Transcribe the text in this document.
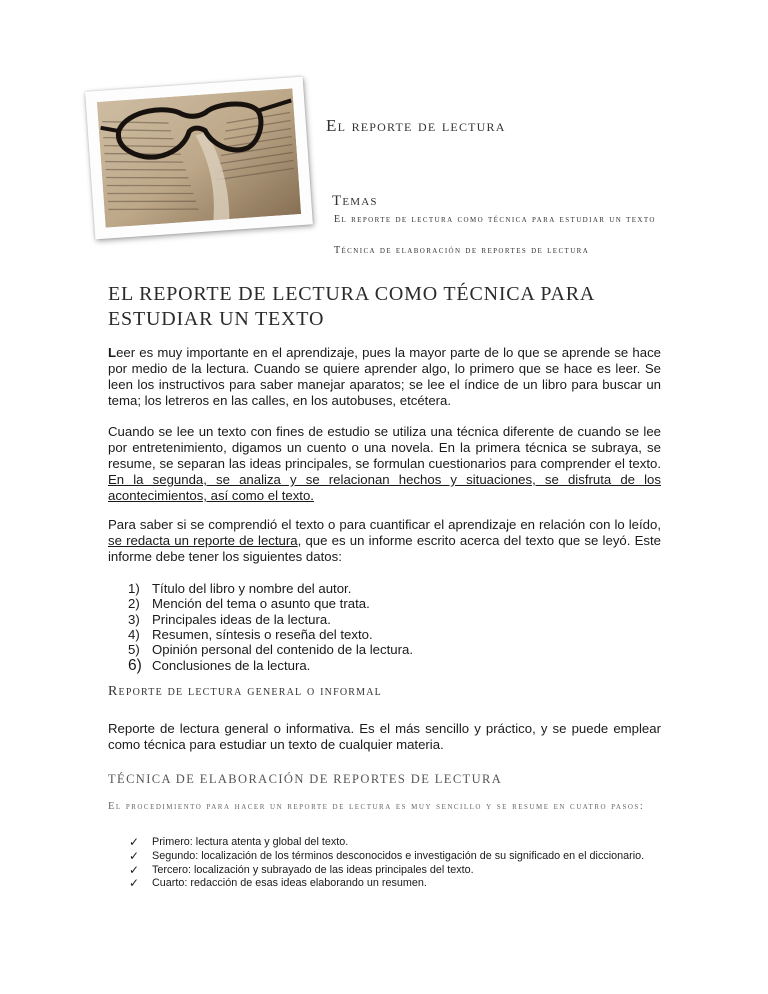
El reporte de lectura
Temas
El reporte de lectura como técnica para estudiar un texto
Técnica de elaboración de reportes de lectura
EL REPORTE DE LECTURA COMO TÉCNICA PARA ESTUDIAR UN TEXTO

Leer es muy importante en el aprendizaje, pues la mayor parte de lo que se aprende se hace por medio de la lectura. Cuando se quiere aprender algo, lo primero que se hace es leer. Se leen los instructivos para saber manejar aparatos; se lee el índice de un libro para buscar un tema; los letreros en las calles, en los autobuses, etcétera.

Cuando se lee un texto con fines de estudio se utiliza una técnica diferente de cuando se lee por entretenimiento, digamos un cuento o una novela. En la primera técnica se subraya, se resume, se separan las ideas principales, se formulan cuestionarios para comprender el texto. En la segunda, se analiza y se relacionan hechos y situaciones, se disfruta de los acontecimientos, así como el texto.

Para saber si se comprendió el texto o para cuantificar el aprendizaje en relación con lo leído, se redacta un reporte de lectura, que es un informe escrito acerca del texto que se leyó. Este informe debe tener los siguientes datos:

1) Título del libro y nombre del autor.
2) Mención del tema o asunto que trata.
3) Principales ideas de la lectura.
4) Resumen, síntesis o reseña del texto.
5) Opinión personal del contenido de la lectura.
6) Conclusiones de la lectura.
Reporte de lectura general o informal

Reporte de lectura general o informativa. Es el más sencillo y práctico, y se puede emplear como técnica para estudiar un texto de cualquier materia.

TÉCNICA DE ELABORACIÓN DE REPORTES DE LECTURA
El procedimiento para hacer un reporte de lectura es muy sencillo y se resume en cuatro pasos:
✓	Primero: lectura atenta y global del texto.
✓	Segundo: localización de los términos desconocidos e investigación de su significado en el diccionario.
✓	Tercero: localización y subrayado de las ideas principales del texto.
✓	Cuarto: redacción de esas ideas elaborando un resumen.
